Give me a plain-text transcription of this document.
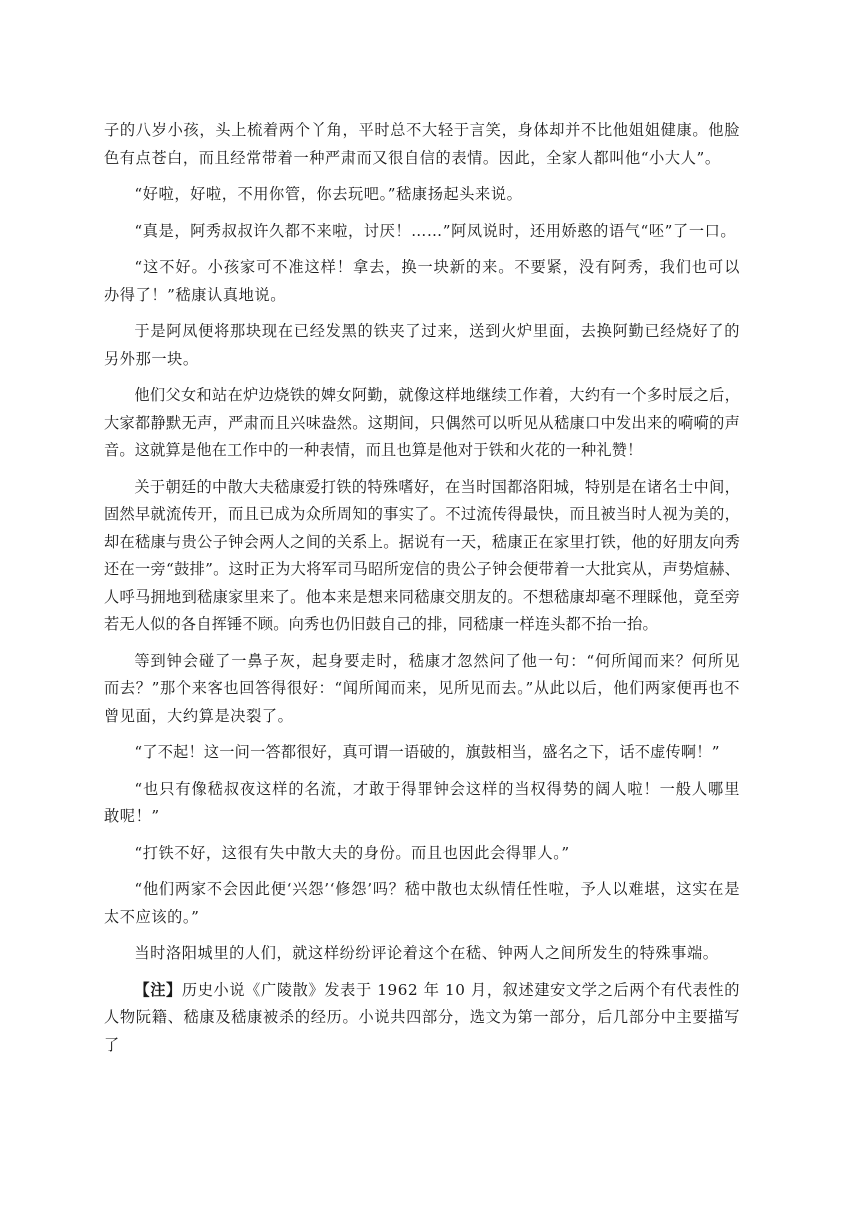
子的八岁小孩，头上梳着两个丫角，平时总不大轻于言笑，身体却并不比他姐姐健康。他脸色有点苍白，而且经常带着一种严肃而又很自信的表情。因此，全家人都叫他“小大人”。

“好啦，好啦，不用你管，你去玩吧。”嵇康扬起头来说。

“真是，阿秀叔叔许久都不来啦，讨厌！……”阿凤说时，还用娇憨的语气“呸”了一口。

“这不好。小孩家可不准这样！拿去，换一块新的来。不要紧，没有阿秀，我们也可以办得了！”嵇康认真地说。

于是阿凤便将那块现在已经发黑的铁夹了过来，送到火炉里面，去换阿勤已经烧好了的另外那一块。

他们父女和站在炉边烧铁的婢女阿勤，就像这样地继续工作着，大约有一个多时辰之后，大家都静默无声，严肃而且兴味盎然。这期间，只偶然可以听见从嵇康口中发出来的嗬嗬的声音。这就算是他在工作中的一种表情，而且也算是他对于铁和火花的一种礼赞！

关于朝廷的中散大夫嵇康爱打铁的特殊嗜好，在当时国都洛阳城，特别是在诸名士中间，固然早就流传开，而且已成为众所周知的事实了。不过流传得最快，而且被当时人视为美的，却在嵇康与贵公子钟会两人之间的关系上。据说有一天，嵇康正在家里打铁，他的好朋友向秀还在一旁“鼓排”。这时正为大将军司马昭所宠信的贵公子钟会便带着一大批宾从，声势煊赫、人呼马拥地到嵇康家里来了。他本来是想来同嵇康交朋友的。不想嵇康却毫不理睬他，竟至旁若无人似的各自挥锤不顾。向秀也仍旧鼓自己的排，同嵇康一样连头都不抬一抬。

等到钟会碰了一鼻子灰，起身要走时，嵇康才忽然问了他一句：“何所闻而来？何所见而去？”那个来客也回答得很好：“闻所闻而来，见所见而去。”从此以后，他们两家便再也不曾见面，大约算是决裂了。

“了不起！这一问一答都很好，真可谓一语破的，旗鼓相当，盛名之下，话不虚传啊！”

“也只有像嵇叔夜这样的名流，才敢于得罪钟会这样的当权得势的阔人啦！一般人哪里敢呢！”

“打铁不好，这很有失中散大夫的身份。而且也因此会得罪人。”

“他们两家不会因此便‘兴怨’‘修怨’吗？嵇中散也太纵情任性啦，予人以难堪，这实在是太不应该的。”

当时洛阳城里的人们，就这样纷纷评论着这个在嵇、钟两人之间所发生的特殊事端。

【注】历史小说《广陵散》发表于 1962 年 10 月，叙述建安文学之后两个有代表性的人物阮籍、嵇康及嵇康被杀的经历。小说共四部分，选文为第一部分，后几部分中主要描写了
